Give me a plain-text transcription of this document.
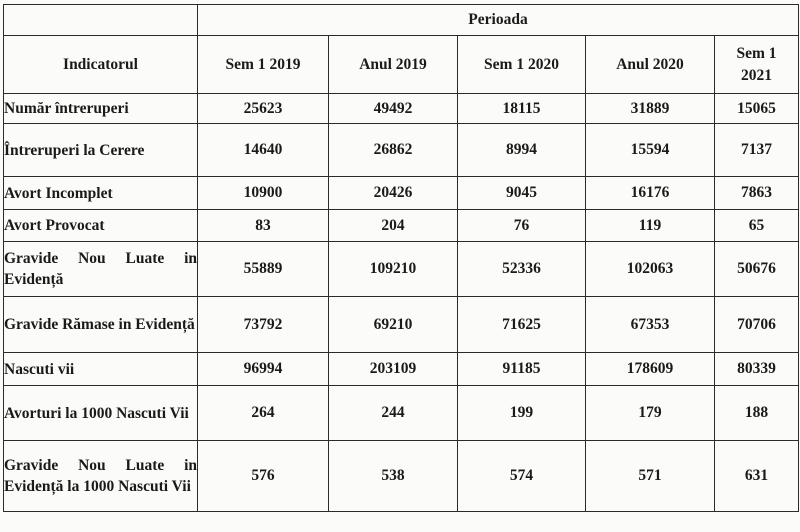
	Perioada				
Indicatorul	Sem 1 2019	Anul 2019	Sem 1 2020	Anul 2020	Sem 1 2021
Număr întreruperi	25623	49492	18115	31889	15065
Întreruperi la Cerere	14640	26862	8994	15594	7137
Avort Incomplet	10900	20426	9045	16176	7863
Avort Provocat	83	204	76	119	65
Gravide Nou Luate in Evidență	55889	109210	52336	102063	50676
Gravide Rămase in Evidență	73792	69210	71625	67353	70706
Nascuti vii	96994	203109	91185	178609	80339
Avorturi la 1000 Nascuti Vii	264	244	199	179	188
Gravide Nou Luate in Evidență la 1000 Nascuti Vii	576	538	574	571	631
